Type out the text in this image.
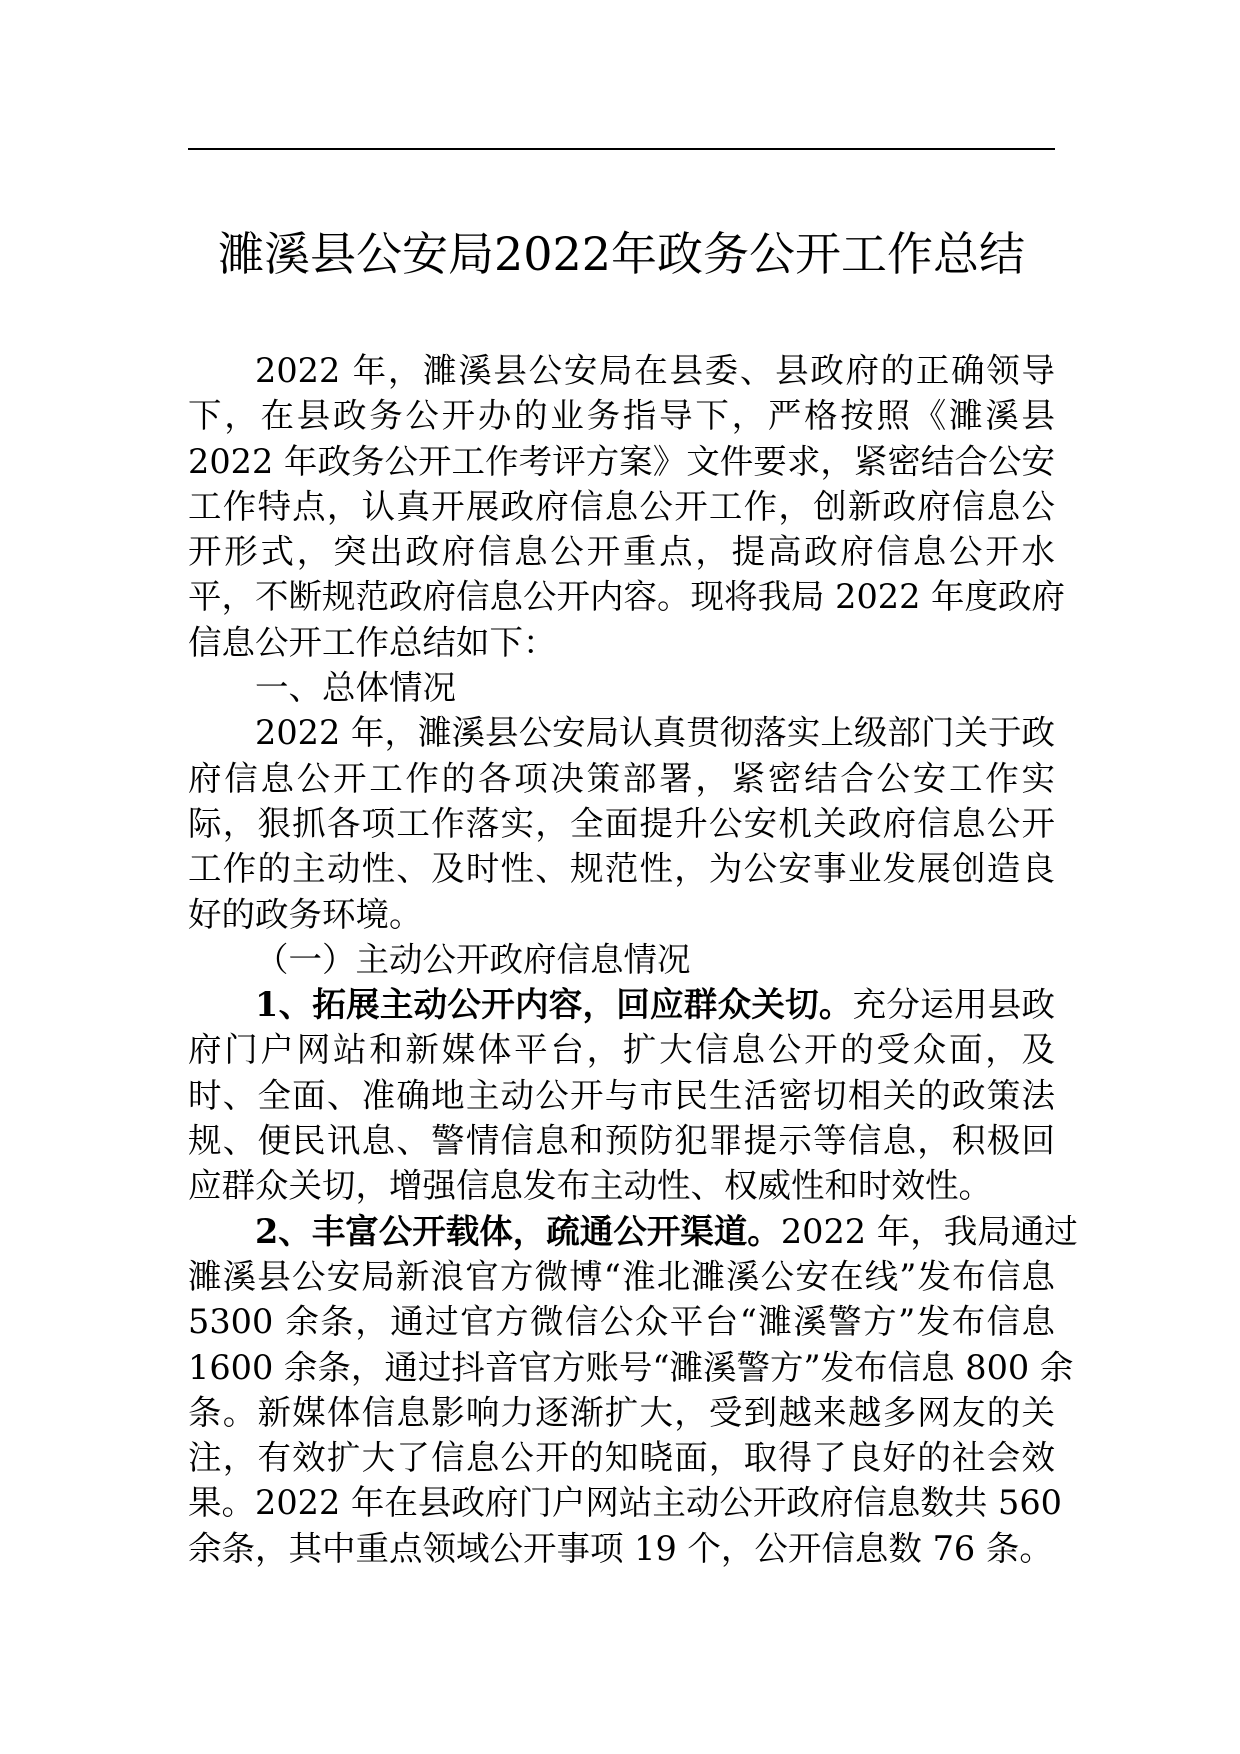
濉溪县公安局2022年政务公开工作总结
2022 年，濉溪县公安局在县委、县政府的正确领导
下，在县政务公开办的业务指导下，严格按照《濉溪县
2022 年政务公开工作考评方案》文件要求，紧密结合公安
工作特点，认真开展政府信息公开工作，创新政府信息公
开形式，突出政府信息公开重点，提高政府信息公开水
平，不断规范政府信息公开内容。现将我局 2022 年度政府
信息公开工作总结如下：
一、总体情况
2022 年，濉溪县公安局认真贯彻落实上级部门关于政
府信息公开工作的各项决策部署，紧密结合公安工作实
际，狠抓各项工作落实，全面提升公安机关政府信息公开
工作的主动性、及时性、规范性，为公安事业发展创造良
好的政务环境。
（一）主动公开政府信息情况
1、拓展主动公开内容，回应群众关切。充分运用县政
府门户网站和新媒体平台，扩大信息公开的受众面，及
时、全面、准确地主动公开与市民生活密切相关的政策法
规、便民讯息、警情信息和预防犯罪提示等信息，积极回
应群众关切，增强信息发布主动性、权威性和时效性。
2、丰富公开载体，疏通公开渠道。2022 年，我局通过
濉溪县公安局新浪官方微博“淮北濉溪公安在线”发布信息
5300 余条，通过官方微信公众平台“濉溪警方”发布信息
1600 余条，通过抖音官方账号“濉溪警方”发布信息 800 余
条。新媒体信息影响力逐渐扩大，受到越来越多网友的关
注，有效扩大了信息公开的知晓面，取得了良好的社会效
果。2022 年在县政府门户网站主动公开政府信息数共 560
余条，其中重点领域公开事项 19 个，公开信息数 76 条。
